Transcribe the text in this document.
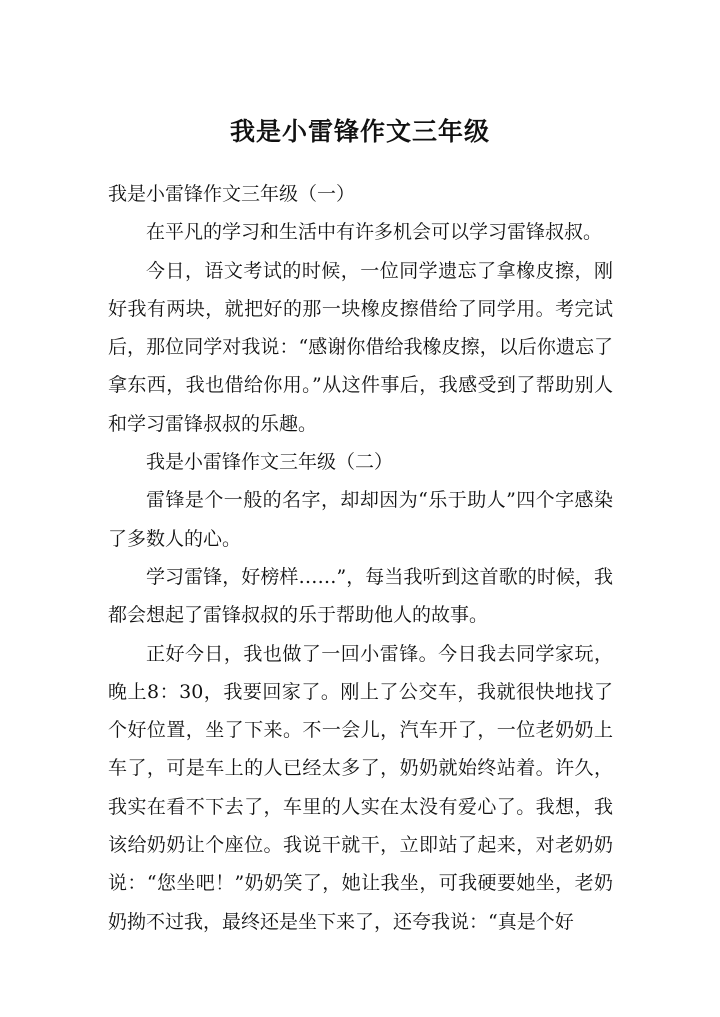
我是小雷锋作文三年级

我是小雷锋作文三年级（一）

在平凡的学习和生活中有许多机会可以学习雷锋叔叔。

今日，语文考试的时候，一位同学遗忘了拿橡皮擦，刚好我有两块，就把好的那一块橡皮擦借给了同学用。考完试后，那位同学对我说：“感谢你借给我橡皮擦，以后你遗忘了拿东西，我也借给你用。”从这件事后，我感受到了帮助别人和学习雷锋叔叔的乐趣。

我是小雷锋作文三年级（二）

雷锋是个一般的名字，却却因为“乐于助人”四个字感染了多数人的心。

学习雷锋，好榜样……”，每当我听到这首歌的时候，我都会想起了雷锋叔叔的乐于帮助他人的故事。

正好今日，我也做了一回小雷锋。今日我去同学家玩，晚上8：30，我要回家了。刚上了公交车，我就很快地找了个好位置，坐了下来。不一会儿，汽车开了，一位老奶奶上车了，可是车上的人已经太多了，奶奶就始终站着。许久，我实在看不下去了，车里的人实在太没有爱心了。我想，我该给奶奶让个座位。我说干就干，立即站了起来，对老奶奶说：“您坐吧！”奶奶笑了，她让我坐，可我硬要她坐，老奶奶拗不过我，最终还是坐下来了，还夸我说：“真是个好
